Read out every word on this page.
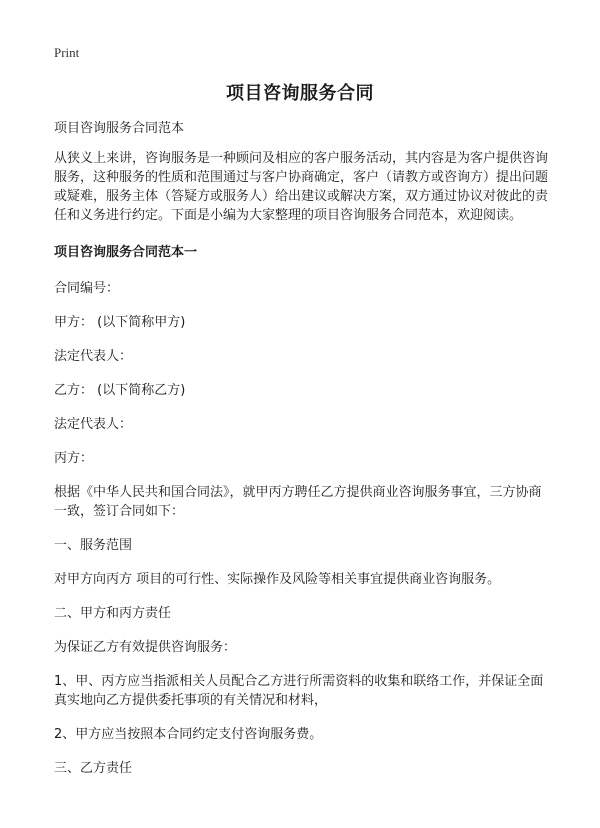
Print
项目咨询服务合同

项目咨询服务合同范本

从狭义上来讲，咨询服务是一种顾问及相应的客户服务活动，其内容是为客户提供咨询服务，这种服务的性质和范围通过与客户协商确定，客户（请教方或咨询方）提出问题或疑难，服务主体（答疑方或服务人）给出建议或解决方案，双方通过协议对彼此的责任和义务进行约定。下面是小编为大家整理的项目咨询服务合同范本，欢迎阅读。

项目咨询服务合同范本一

合同编号：

甲方： (以下简称甲方)

法定代表人：

乙方： (以下简称乙方)

法定代表人：

丙方：

根据《中华人民共和国合同法》，就甲丙方聘任乙方提供商业咨询服务事宜，三方协商一致，签订合同如下：

一、服务范围

对甲方向丙方 项目的可行性、实际操作及风险等相关事宜提供商业咨询服务。

二、甲方和丙方责任

为保证乙方有效提供咨询服务：

1、甲、丙方应当指派相关人员配合乙方进行所需资料的收集和联络工作，并保证全面真实地向乙方提供委托事项的有关情况和材料，

2、甲方应当按照本合同约定支付咨询服务费。

三、乙方责任
